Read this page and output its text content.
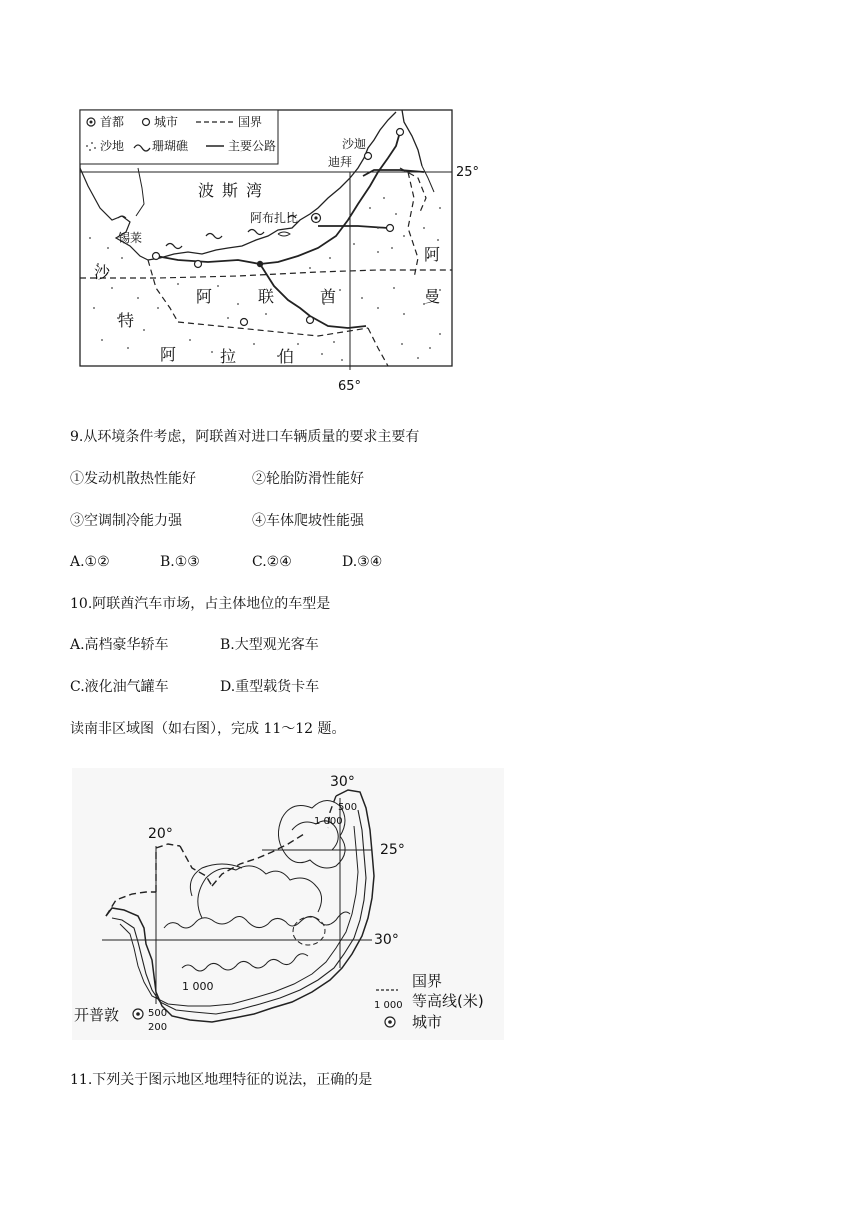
首都 城市	国界
沙地 珊瑚礁	主要公路
波斯湾
沙迦
迪拜
阿布扎比
锡莱
阿	联	酋
阿
曼
沙
特
阿	拉	伯
25°
65°
9.从环境条件考虑，阿联酋对进口车辆质量的要求主要有
①发动机散热性能好	②轮胎防滑性能好
③空调制冷能力强	④车体爬坡性能强
A.①②	B.①③	C.②④	D.③④
10.阿联酋汽车市场，占主体地位的车型是
A.高档豪华轿车	B.大型观光客车
C.液化油气罐车	D.重型载货卡车
读南非区域图（如右图），完成 11～12 题。
30°
20°
25°
30°
500
1 000
1 000
500
200
开普敦
国界
1 000 等高线(米)
城市
11.下列关于图示地区地理特征的说法，正确的是
